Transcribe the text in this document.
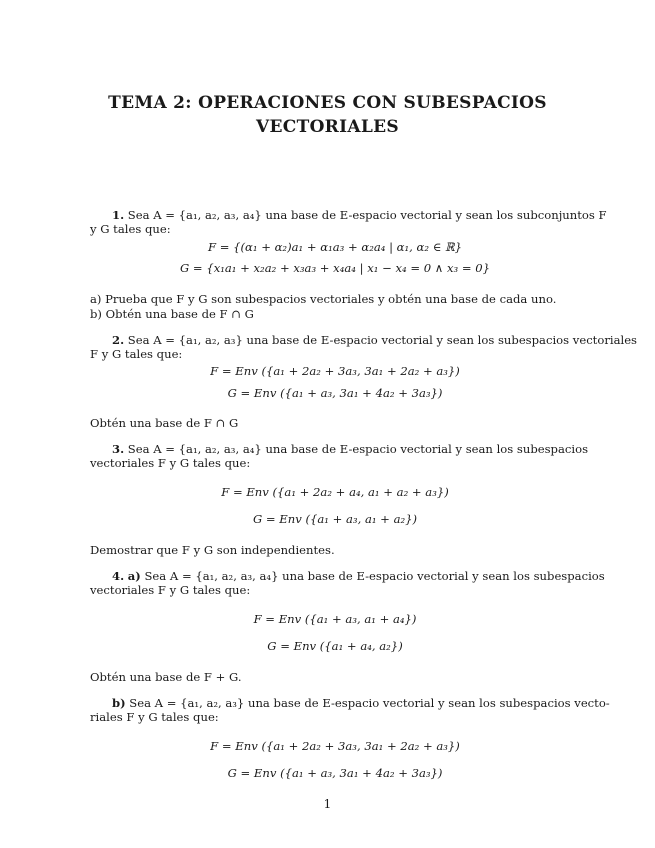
TEMA 2: OPERACIONES CON SUBESPACIOS
VECTORIALES
1. Sea A = {a₁, a₂, a₃, a₄} una base de E-espacio vectorial y sean los subconjuntos F
y G tales que:
F = {(α₁ + α₂)a₁ + α₁a₃ + α₂a₄ | α₁, α₂ ∈ ℝ}
G = {x₁a₁ + x₂a₂ + x₃a₃ + x₄a₄ | x₁ − x₄ = 0 ∧ x₃ = 0}
a) Prueba que F y G son subespacios vectoriales y obtén una base de cada uno.
b) Obtén una base de F ∩ G
2. Sea A = {a₁, a₂, a₃} una base de E-espacio vectorial y sean los subespacios vectoriales
F y G tales que:
F = Env ({a₁ + 2a₂ + 3a₃, 3a₁ + 2a₂ + a₃})
G = Env ({a₁ + a₃, 3a₁ + 4a₂ + 3a₃})
Obtén una base de F ∩ G
3. Sea A = {a₁, a₂, a₃, a₄} una base de E-espacio vectorial y sean los subespacios
vectoriales F y G tales que:
F = Env ({a₁ + 2a₂ + a₄, a₁ + a₂ + a₃})
G = Env ({a₁ + a₃, a₁ + a₂})
Demostrar que F y G son independientes.
4. a) Sea A = {a₁, a₂, a₃, a₄} una base de E-espacio vectorial y sean los subespacios
vectoriales F y G tales que:
F = Env ({a₁ + a₃, a₁ + a₄})
G = Env ({a₁ + a₄, a₂})
Obtén una base de F + G.
b) Sea A = {a₁, a₂, a₃} una base de E-espacio vectorial y sean los subespacios vecto-
riales F y G tales que:
F = Env ({a₁ + 2a₂ + 3a₃, 3a₁ + 2a₂ + a₃})
G = Env ({a₁ + a₃, 3a₁ + 4a₂ + 3a₃})
1
